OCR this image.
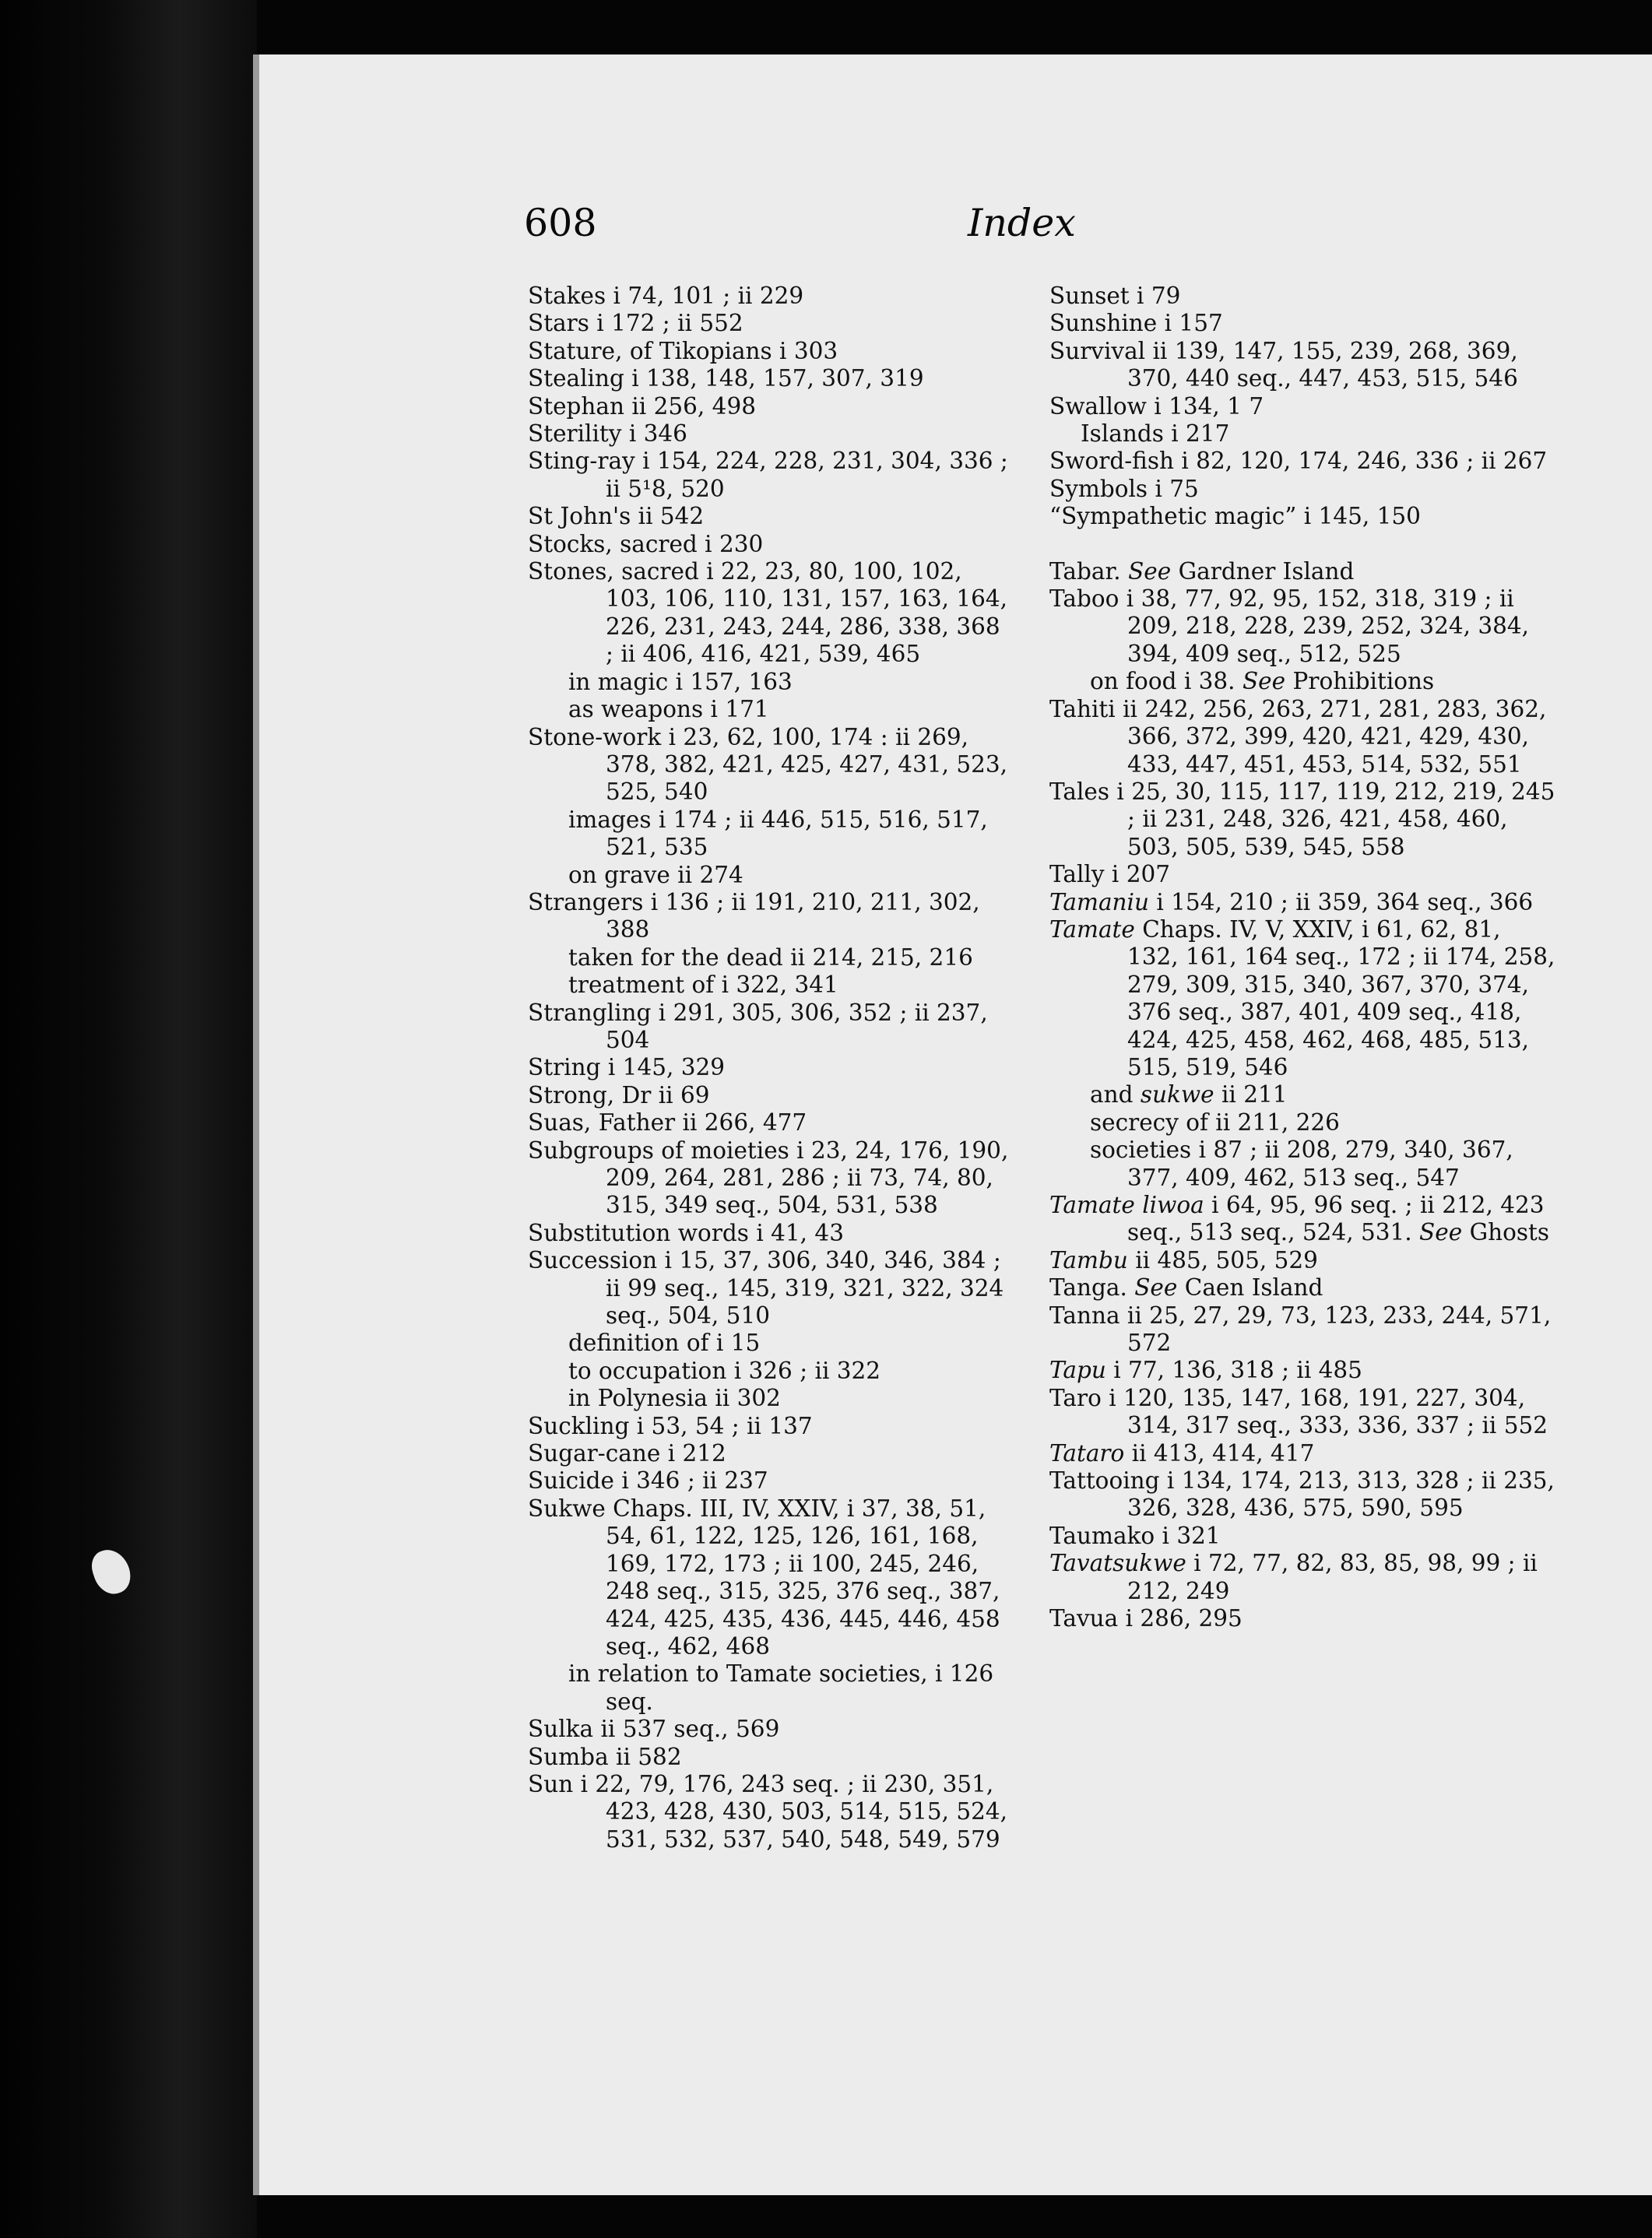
608	Index
Stakes i 74, 101 ; ii 229
Stars i 172 ; ii 552
Stature, of Tikopians i 303
Stealing i 138, 148, 157, 307, 319
Stephan ii 256, 498
Sterility i 346
Sting-ray i 154, 224, 228, 231, 304, 336 ; ii 5¹8, 520
St John's ii 542
Stocks, sacred i 230
Stones, sacred i 22, 23, 80, 100, 102, 103, 106, 110, 131, 157, 163, 164, 226, 231, 243, 244, 286, 338, 368 ; ii 406, 416, 421, 539, 465
in magic i 157, 163
as weapons i 171
Stone-work i 23, 62, 100, 174 : ii 269, 378, 382, 421, 425, 427, 431, 523, 525, 540
images i 174 ; ii 446, 515, 516, 517, 521, 535
on grave ii 274
Strangers i 136 ; ii 191, 210, 211, 302, 388
taken for the dead ii 214, 215, 216
treatment of i 322, 341
Strangling i 291, 305, 306, 352 ; ii 237, 504
String i 145, 329
Strong, Dr ii 69
Suas, Father ii 266, 477
Subgroups of moieties i 23, 24, 176, 190, 209, 264, 281, 286 ; ii 73, 74, 80, 315, 349 seq., 504, 531, 538
Substitution words i 41, 43
Succession i 15, 37, 306, 340, 346, 384 ; ii 99 seq., 145, 319, 321, 322, 324 seq., 504, 510
definition of i 15
to occupation i 326 ; ii 322
in Polynesia ii 302
Suckling i 53, 54 ; ii 137
Sugar-cane i 212
Suicide i 346 ; ii 237
Sukwe Chaps. III, IV, XXIV, i 37, 38, 51, 54, 61, 122, 125, 126, 161, 168, 169, 172, 173 ; ii 100, 245, 246, 248 seq., 315, 325, 376 seq., 387, 424, 425, 435, 436, 445, 446, 458 seq., 462, 468
in relation to Tamate societies, i 126 seq.
Sulka ii 537 seq., 569
Sumba ii 582
Sun i 22, 79, 176, 243 seq. ; ii 230, 351, 423, 428, 430, 503, 514, 515, 524, 531, 532, 537, 540, 548, 549, 579
Sunset i 79
Sunshine i 157
Survival ii 139, 147, 155, 239, 268, 369, 370, 440 seq., 447, 453, 515, 546
Swallow i 134, 1 7
Islands i 217
Sword-fish i 82, 120, 174, 246, 336 ; ii 267
Symbols i 75
“Sympathetic magic” i 145, 150
Tabar. See Gardner Island
Taboo i 38, 77, 92, 95, 152, 318, 319 ; ii 209, 218, 228, 239, 252, 324, 384, 394, 409 seq., 512, 525
on food i 38. See Prohibitions
Tahiti ii 242, 256, 263, 271, 281, 283, 362, 366, 372, 399, 420, 421, 429, 430, 433, 447, 451, 453, 514, 532, 551
Tales i 25, 30, 115, 117, 119, 212, 219, 245 ; ii 231, 248, 326, 421, 458, 460, 503, 505, 539, 545, 558
Tally i 207
Tamaniu i 154, 210 ; ii 359, 364 seq., 366
Tamate Chaps. IV, V, XXIV, i 61, 62, 81, 132, 161, 164 seq., 172 ; ii 174, 258, 279, 309, 315, 340, 367, 370, 374, 376 seq., 387, 401, 409 seq., 418, 424, 425, 458, 462, 468, 485, 513, 515, 519, 546
and sukwe ii 211
secrecy of ii 211, 226
societies i 87 ; ii 208, 279, 340, 367, 377, 409, 462, 513 seq., 547
Tamate liwoa i 64, 95, 96 seq. ; ii 212, 423 seq., 513 seq., 524, 531. See Ghosts
Tambu ii 485, 505, 529
Tanga. See Caen Island
Tanna ii 25, 27, 29, 73, 123, 233, 244, 571, 572
Tapu i 77, 136, 318 ; ii 485
Taro i 120, 135, 147, 168, 191, 227, 304, 314, 317 seq., 333, 336, 337 ; ii 552
Tataro ii 413, 414, 417
Tattooing i 134, 174, 213, 313, 328 ; ii 235, 326, 328, 436, 575, 590, 595
Taumako i 321
Tavatsukwe i 72, 77, 82, 83, 85, 98, 99 ; ii 212, 249
Tavua i 286, 295
